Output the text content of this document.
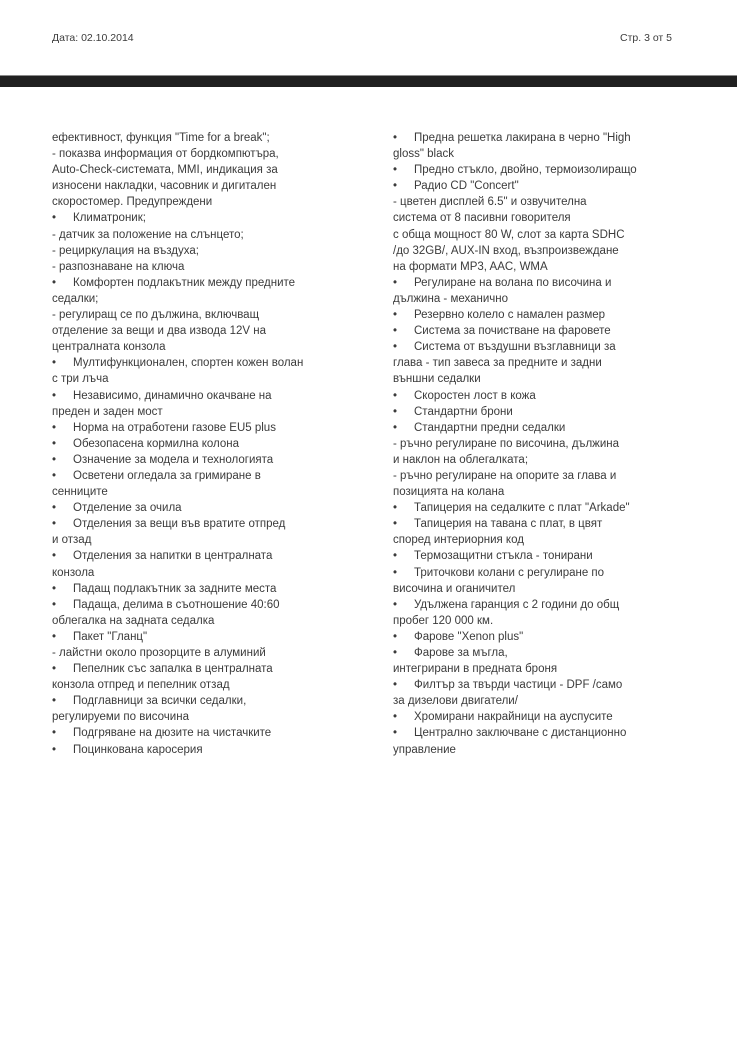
Дата: 02.10.2014	Стр. 3 от 5
ефективност, функция "Time for a break";
- показва информация от бордкомпютъра,
Auto-Check-системата, MMI, индикация за
износени накладки, часовник и дигитален
скоростомер. Предупреждени
• Климатроник;
- датчик за положение на слънцето;
- рециркулация на въздуха;
- разпознаване на ключа
• Комфортен подлакътник между предните
седалки;
- регулиращ се по дължина, включващ
отделение за вещи и два извода 12V на
централната конзола
• Мултифункционален, спортен кожен волан
с три лъча
• Независимо, динамично окачване на
преден и заден мост
• Норма на отработени газове EU5 plus
• Обезопасена кормилна колона
• Означение за модела и технологията
• Осветени огледала за гримиране в
сенниците
• Отделение за очила
• Отделения за вещи във вратите отпред
и отзад
• Отделения за напитки в централната
конзола
• Падащ подлакътник за задните места
• Падаща, делима в съотношение 40:60
облегалка на задната седалка
• Пакет "Гланц"
- лайстни около прозорците в алуминий
• Пепелник със запалка в централната
конзола отпред и пепелник отзад
• Подглавници за всички седалки,
регулируеми по височина
• Подгряване на дюзите на чистачките
• Поцинкована каросерия
• Предна решетка лакирана в черно "High
gloss" black
• Предно стъкло, двойно, термоизолиращо
• Радио CD "Concert"
- цветен дисплей 6.5" и озвучителна
система от 8 пасивни говорителя
с обща мощност 80 W, слот за карта SDHC
/до 32GB/, AUX-IN вход, възпроизвеждане
на формати MP3, AAC, WMA
• Регулиране на волана по височина и
дължина - механично
• Резервно колело с намален размер
• Система за почистване на фаровете
• Система от въздушни възглавници за
глава - тип завеса за предните и задни
външни седалки
• Скоростен лост в кожа
• Стандартни брони
• Стандартни предни седалки
- ръчно регулиране по височина, дължина
и наклон на облегалката;
- ръчно регулиране на опорите за глава и
позицията на колана
• Тапицерия на седалките с плат "Arkade"
• Тапицерия на тавана с плат, в цвят
според интериорния код
• Термозащитни стъкла - тонирани
• Триточкови колани с регулиране по
височина и оганичител
• Удължена гаранция с 2 години до общ
пробег 120 000 км.
• Фарове "Xenon plus"
• Фарове за мъгла,
интегрирани в предната броня
• Филтър за твърди частици - DPF /само
за дизелови двигатели/
• Хромирани накрайници на ауспусите
• Централно заключване с дистанционно
управление
